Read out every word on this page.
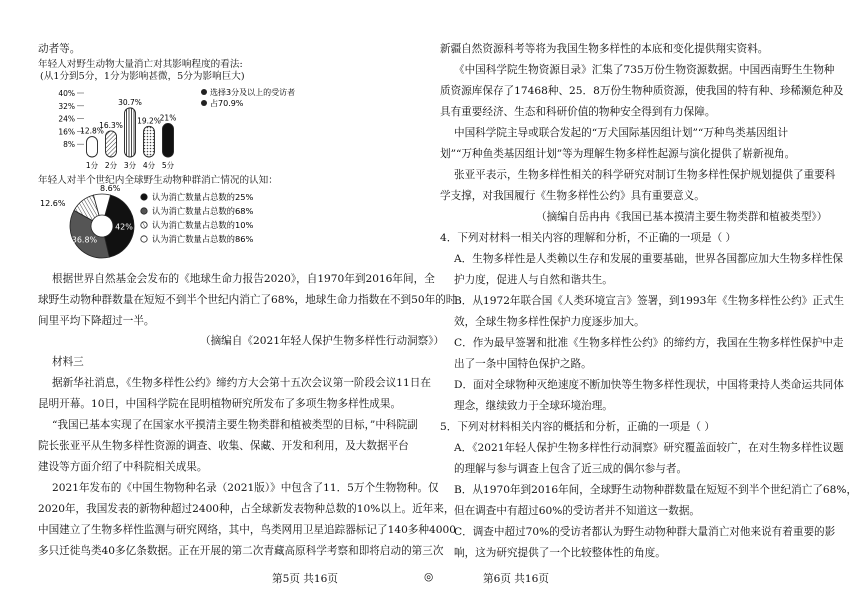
动者等。
年轻人对野生动物大量消亡对其影响程度的看法:
(从1分到5分，1分为影响甚微，5分为影响巨大)
40%
32%
24%
16%
8%
12.8%
16.3%
30.7%
19.2%
21%
1分 2分 3分 4分 5分
选择3分及以上的受访者
占70.9%
年轻人对半个世纪内全球野生动物种群消亡情况的认知：
42%
36.8%
12.6%
8.6%
认为消亡数量占总数的25%
认为消亡数量占总数的68%
认为消亡数量占总数的10%
认为消亡数量占总数的86%
根据世界自然基金会发布的《地球生命力报告2020》，自1970年到2016年间，全
球野生动物种群数量在短短不到半个世纪内消亡了68%，地球生命力指数在不到50年的时
间里平均下降超过一半。
（摘编自《2021年轻人保护生物多样性行动洞察》）
材料三
据新华社消息，《生物多样性公约》缔约方大会第十五次会议第一阶段会议11日在
昆明开幕。10日，中国科学院在昆明植物研究所发布了多项生物多样性成果。
“我国已基本实现了在国家水平摸清主要生物类群和植被类型的目标，”中科院副
院长张亚平从生物多样性资源的调查、收集、保藏、开发和利用，及大数据平台
建设等方面介绍了中科院相关成果。
2021年发布的《中国生物物种名录（2021版）》中包含了11．5万个生物物种。仅
2020年，我国发表的新物种超过2400种，占全球新发表物种总数的10%以上。近年来，
中国建立了生物多样性监测与研究网络，其中，鸟类网用卫星追踪器标记了140多种4000
多只迁徙鸟类40多亿条数据。正在开展的第二次青藏高原科学考察和即将启动的第三次
新疆自然资源科考等将为我国生物多样性的本底和变化提供翔实资料。
《中国科学院生物资源目录》汇集了735万份生物资源数据。中国西南野生生物种
质资源库保存了17468种、25．8万份生物种质资源，使我国的特有种、珍稀濒危种及
具有重要经济、生态和科研价值的物种安全得到有力保障。
中国科学院主导或联合发起的“万犬国际基因组计划”“万种鸟类基因组计
划”“万种鱼类基因组计划”等为理解生物多样性起源与演化提供了崭新视角。
张亚平表示，生物多样性相关的科学研究对制订生物多样性保护规划提供了重要科
学支撑，对我国履行《生物多样性公约》具有重要意义。
（摘编自岳冉冉《我国已基本摸清主要生物类群和植被类型》）
4．下列对材料一相关内容的理解和分析，不正确的一项是（ ）
A．生物多样性是人类赖以生存和发展的重要基础，世界各国都应加大生物多样性保
护力度，促进人与自然和谐共生。
B．从1972年联合国《人类环境宣言》签署，到1993年《生物多样性公约》正式生
效，全球生物多样性保护力度逐步加大。
C．作为最早签署和批准《生物多样性公约》的缔约方，我国在生物多样性保护中走
出了一条中国特色保护之路。
D．面对全球物种灭绝速度不断加快等生物多样性现状，中国将秉持人类命运共同体
理念，继续致力于全球环境治理。
5．下列对材料相关内容的概括和分析，正确的一项是（ ）
A．《2021年轻人保护生物多样性行动洞察》研究覆盖面较广，在对生物多样性议题
的理解与参与调查上包含了近三成的偶尔参与者。
B．从1970年到2016年间，全球野生动物种群数量在短短不到半个世纪消亡了68%，
但在调查中有超过60%的受访者并不知道这一数据。
C．调查中超过70%的受访者都认为野生动物种群大量消亡对他来说有着重要的影
响，这为研究提供了一个比较整体性的角度。
第5页 共16页	◎	第6页 共16页
